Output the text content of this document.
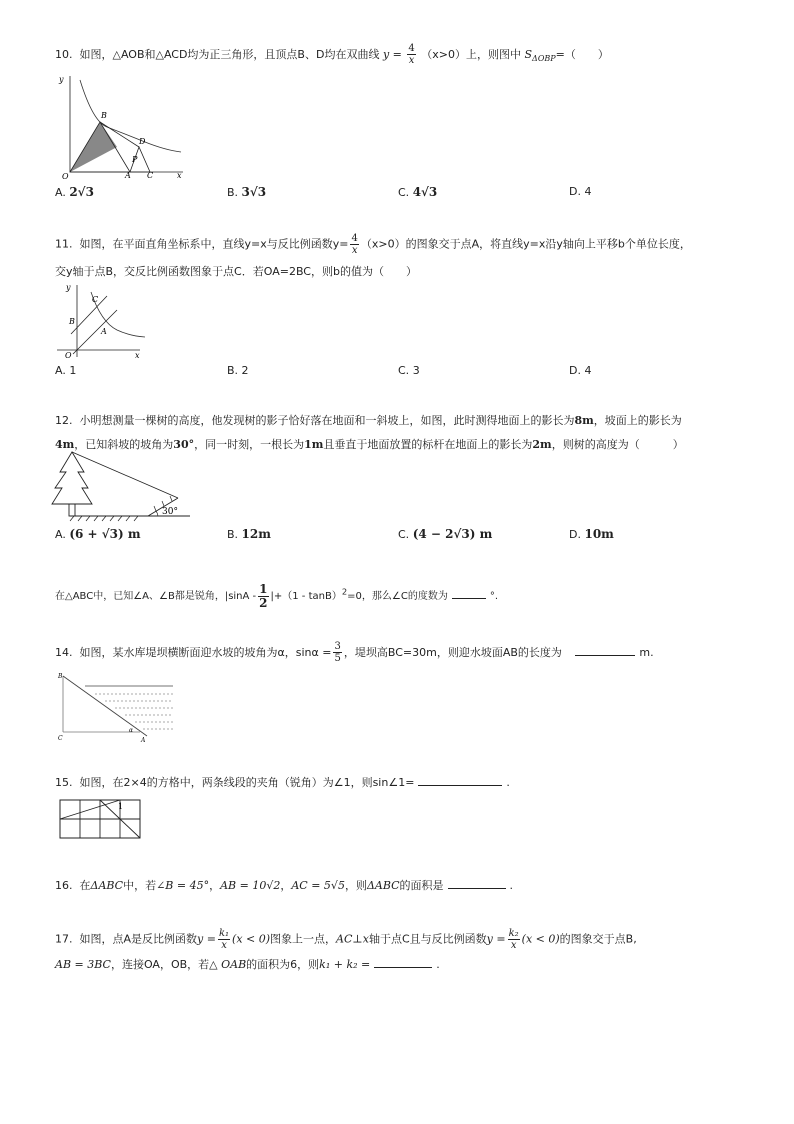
10. 如图，△AOB和△ACD均为正三角形，且顶点B、D均在双曲线 $y = \frac{4}{x} (x>0)$上，则图中 $S_{\Delta OBP}=$（　　）
y
x
O	A
B
C
D
P
A. 2√3	B. 3√3	C. 4√3	D. 4
11. 如图，在平面直角坐标系中，直线y=x与反比例函数$y= \frac{4}{x} (x>0)$的图象交于点A，将直线y=x沿y轴向上平移b个单位长度，
交y轴于点B，交反比例函数图象于点C．若OA=2BC，则b的值为（　　）
y
x
O
A
B
C
A. 1	B. 2	C. 3	D. 4
12. 小明想测量一棵树的高度，他发现树的影子恰好落在地面和一斜坡上，如图，此时测得地面上的影长为8m，坡面上的影长为
4m，已知斜坡的坡角为30°，同一时刻，一根长为1m且垂直于地面放置的标杆在地面上的影长为2m，则树的高度为（　　　）
30°
A. (6 + √3) m	B. 12m	C. (4 − 2√3) m	D. 10m
在△ABC中，已知∠A、∠B都是锐角，$|\sin A - \frac{1}{2} |+(1 - \tan B)^2=0$，那么∠C的度数为	°.
14. 如图，某水库堤坝横断面迎水坡的坡角为α，$\sin\alpha = \frac{3}{5}$ ，堤坝高BC=30m，则迎水坡面AB的长度为	m.
B
C	A
α
15. 如图，在2×4的方格中，两条线段的夹角（锐角）为∠1，则sin∠1=	.
1
16. 在ΔABC中，若∠B = 45°，AB = 10√2，AC = 5√5，则ΔABC的面积是	.
17. 如图，点A是反比例函数$y = \frac{\text{k₁}}{x} (x < 0)$图象上一点，AC⊥x轴于点C且与反比例函数$y = \frac{\text{k₂}}{x} (x < 0)$的图象交于点B,
AB = 3BC，连接OA，OB，若△ OAB的面积为6，则k₁ + k₂ =	.
